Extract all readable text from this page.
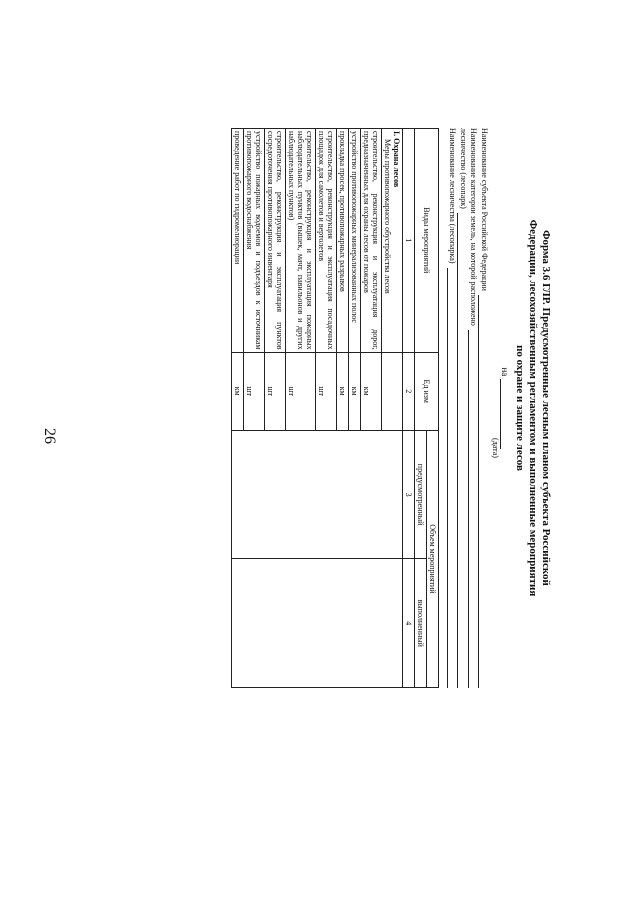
26	Форма 3.6 ГЛР. Предусмотренные лесным планом субъекта Российской
Федерации, лесохозяйственным регламентом и выполненные мероприятия
по охране и защите лесов
на
(дата)
Наименование субъекта Российской Федерации
Наименование категории земель, на которой расположено
лесничество (лесопарк)
Наименование лесничества (лесопарка)
Виды мероприятий	Ед изм	Объем мероприятий	
		предусмотренный	выполненный
1	2	3	4

I. Охрана лесов
Меры противопожарного обустройства лесов			

строительство, реконструкция и эксплуатация дорог, предназначенных для охраны лесов от пожаров	км		
устройство противопожарных минерализованных полос	км		
прокладка просек, противопожарных разрывов	км		
строительство, реконструкция и эксплуатация посадочных площадок для самолетов и вертолетов	шт		
строительство, реконструкция и эксплуатация пожарных наблюдательных пунктов (вышек, мачт, павильонов и других наблюдательных пунктов)	шт		
строительство, реконструкция и эксплуатация пунктов сосредоточения противопожарного инвентаря	шт		
устройство пожарных водоемов и подъездов к источникам противопожарного водоснабжения	шт		
проведение работ по гидромелиорации	км		
